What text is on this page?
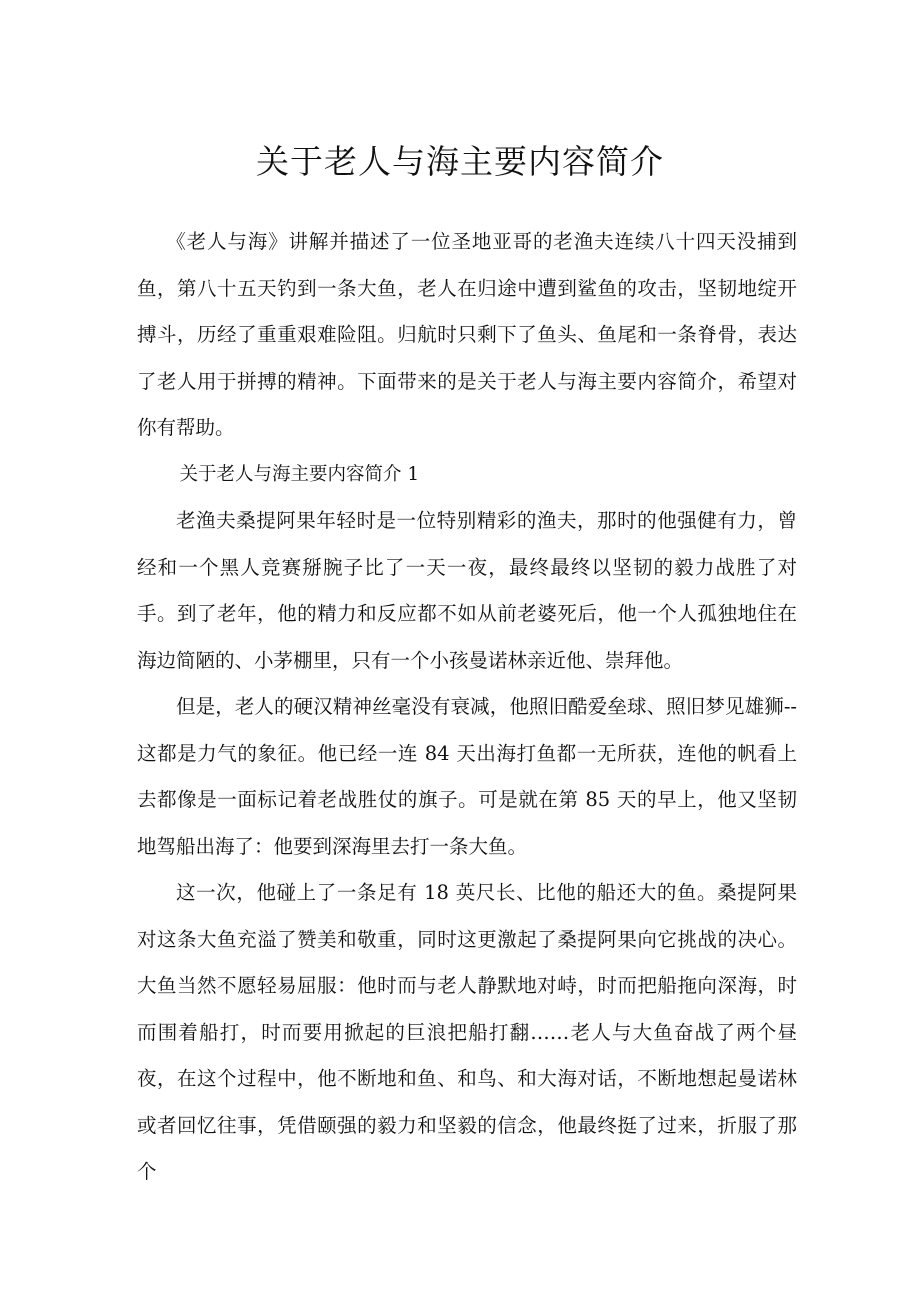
关于老人与海主要内容简介

《老人与海》讲解并描述了一位圣地亚哥的老渔夫连续八十四天没捕到鱼，第八十五天钓到一条大鱼，老人在归途中遭到鲨鱼的攻击，坚韧地绽开搏斗，历经了重重艰难险阻。归航时只剩下了鱼头、鱼尾和一条脊骨，表达了老人用于拼搏的精神。下面带来的是关于老人与海主要内容简介，希望对你有帮助。

关于老人与海主要内容简介 1

老渔夫桑提阿果年轻时是一位特别精彩的渔夫，那时的他强健有力，曾经和一个黑人竞赛掰腕子比了一天一夜，最终最终以坚韧的毅力战胜了对手。到了老年，他的精力和反应都不如从前老婆死后，他一个人孤独地住在海边简陋的、小茅棚里，只有一个小孩曼诺林亲近他、崇拜他。

但是，老人的硬汉精神丝毫没有衰减，他照旧酷爱垒球、照旧梦见雄狮--这都是力气的象征。他已经一连 84 天出海打鱼都一无所获，连他的帆看上去都像是一面标记着老战胜仗的旗子。可是就在第 85 天的早上，他又坚韧地驾船出海了：他要到深海里去打一条大鱼。

这一次，他碰上了一条足有 18 英尺长、比他的船还大的鱼。桑提阿果对这条大鱼充溢了赞美和敬重，同时这更激起了桑提阿果向它挑战的决心。大鱼当然不愿轻易屈服：他时而与老人静默地对峙，时而把船拖向深海，时而围着船打，时而要用掀起的巨浪把船打翻……老人与大鱼奋战了两个昼夜，在这个过程中，他不断地和鱼、和鸟、和大海对话，不断地想起曼诺林或者回忆往事，凭借颐强的毅力和坚毅的信念，他最终挺了过来，折服了那个
